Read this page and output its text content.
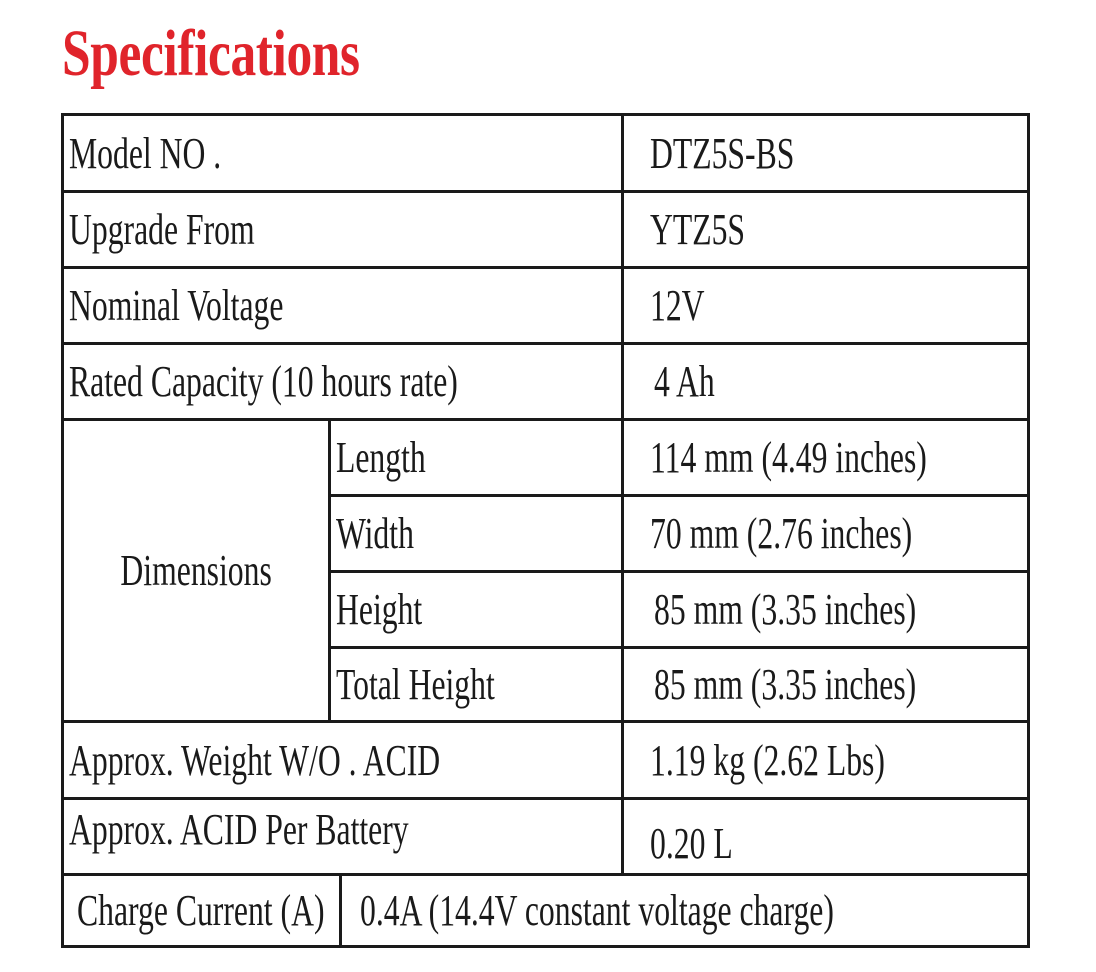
Specifications
Model NO .	DTZ5S-BS
Upgrade From	YTZ5S
Nominal Voltage	12V
Rated Capacity (10 hours rate)	4 Ah
Dimensions
Length	114 mm (4.49 inches)
Width	70 mm (2.76 inches)
Height	85 mm (3.35 inches)
Total Height	85 mm (3.35 inches)
Approx. Weight W/O . ACID	1.19 kg (2.62 Lbs)
Approx. ACID Per Battery	0.20 L
Charge Current (A) 0.4A (14.4V constant voltage charge)
